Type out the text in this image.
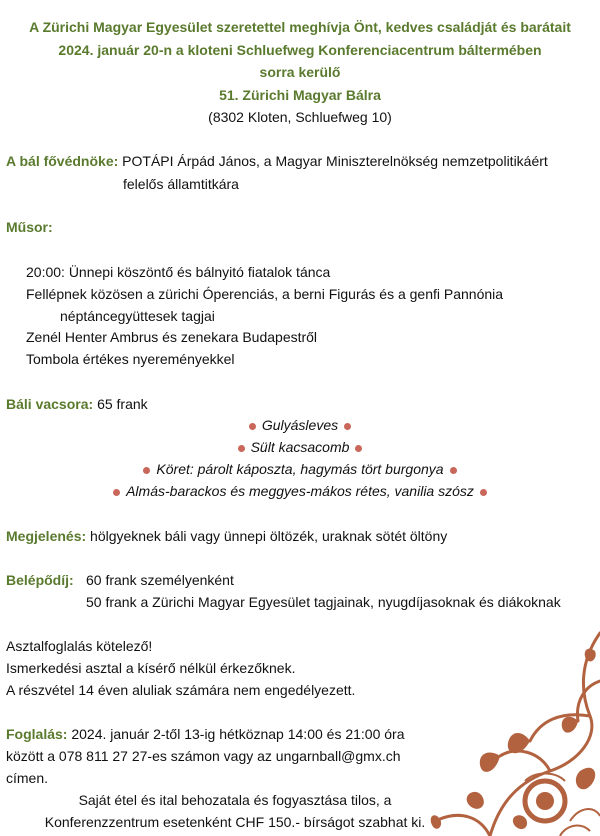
A Zürichi Magyar Egyesület szeretettel meghívja Önt, kedves családját és barátait
2024. január 20-n a kloteni Schluefweg Konferenciacentrum báltermében
sorra kerülő
51. Zürichi Magyar Bálra
(8302 Kloten, Schluefweg 10)
A bál fővédnöke: POTÁPI Árpád János, a Magyar Miniszterelnökség nemzetpolitikáért
felelős államtitkára
Műsor:
20:00: Ünnepi köszöntő és bálnyitó fiatalok tánca
Fellépnek közösen a zürichi Óperenciás, a berni Figurás és a genfi Pannónia
néptáncegyüttesek tagjai
Zenél Henter Ambrus és zenekara Budapestről
Tombola értékes nyereményekkel
Báli vacsora: 65 frank
Gulyásleves
Sült kacsacomb
Köret: párolt káposzta, hagymás tört burgonya
Almás-barackos és meggyes-mákos rétes, vanilia szósz
Megjelenés: hölgyeknek báli vagy ünnepi öltözék, uraknak sötét öltöny
Belépődíj: 60 frank személyenként
50 frank a Zürichi Magyar Egyesület tagjainak, nyugdíjasoknak és diákoknak
Asztalfoglalás kötelező!
Ismerkedési asztal a kísérő nélkül érkezőknek.
A részvétel 14 éven aluliak számára nem engedélyezett.
Foglalás: 2024. január 2-től 13-ig hétköznap 14:00 és 21:00 óra
között a 078 811 27 27-es számon vagy az ungarnball@gmx.ch
címen.
Saját étel és ital behozatala és fogyasztása tilos, a
Konferenzzentrum esetenként CHF 150.- bírságot szabhat ki.
